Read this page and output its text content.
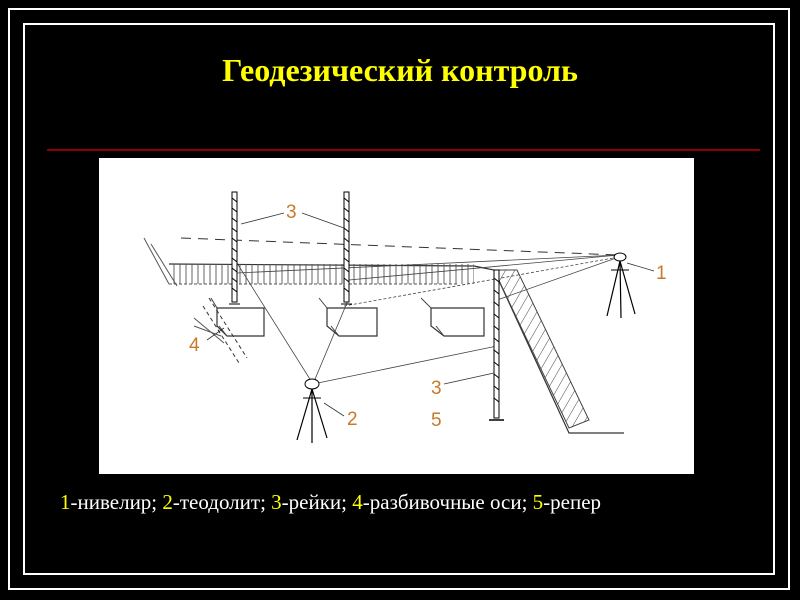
Геодезический контроль
3
1
4
2
3
5
1-нивелир; 2-теодолит; 3-рейки; 4-разбивочные оси; 5-репер
